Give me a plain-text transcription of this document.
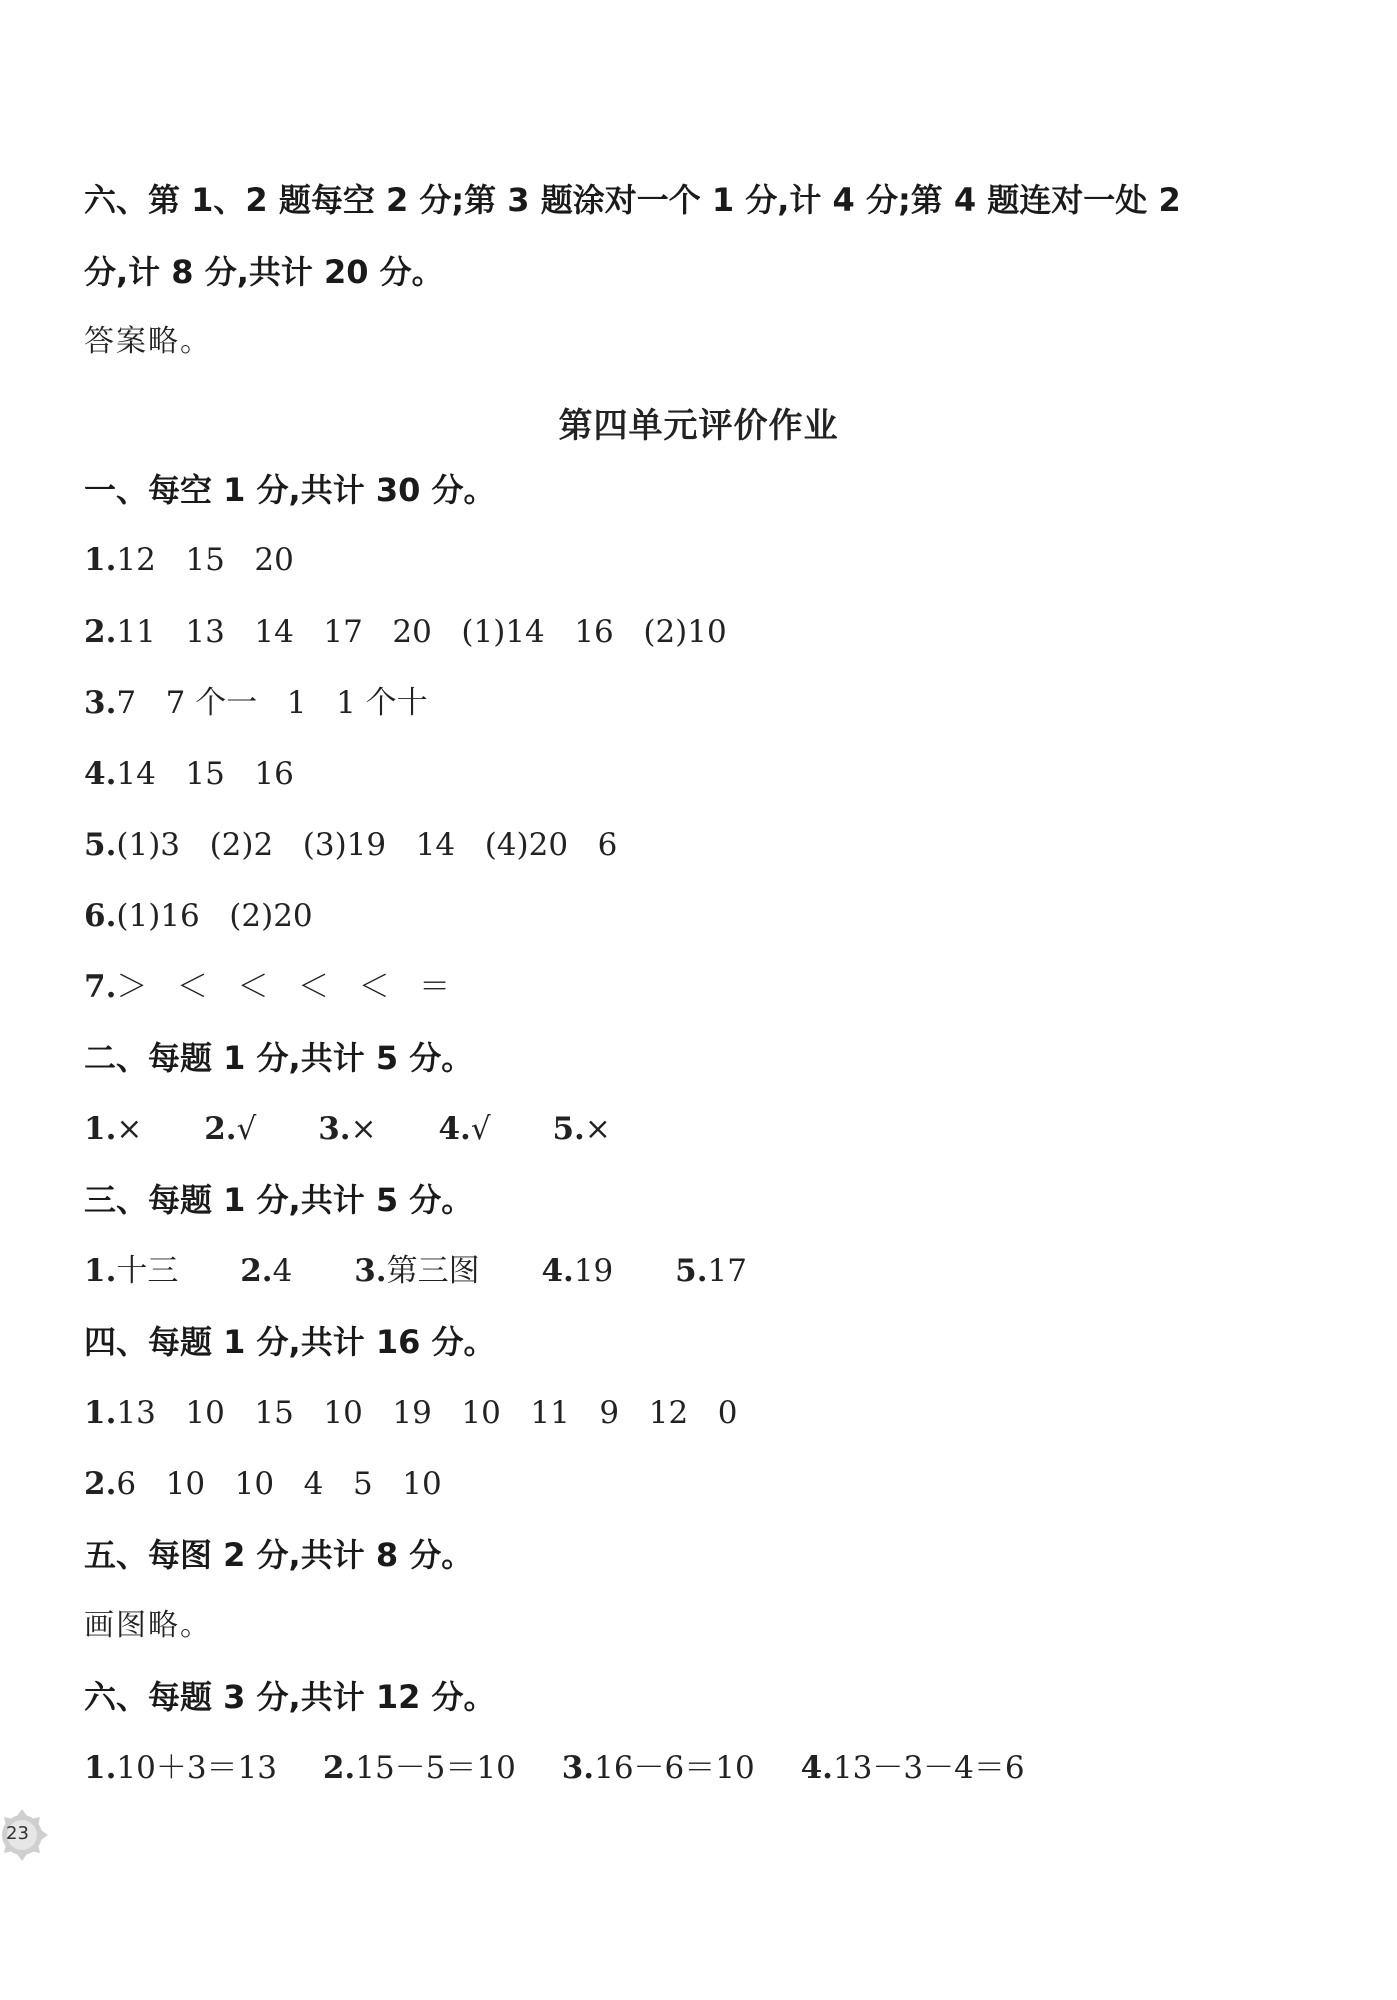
六、第 1、2 题每空 2 分;第 3 题涂对一个 1 分,计 4 分;第 4 题连对一处 2
分,计 8 分,共计 20 分。
答案略。
第四单元评价作业
一、每空 1 分,共计 30 分。
1.12   15   20
2.11   13   14   17   20   (1)14   16   (2)10
3.7   7 个一   1   1 个十
4.14   15   16
5.(1)3   (2)2   (3)19   14   (4)20   6
6.(1)16   (2)20
7.＞   ＜   ＜   ＜   ＜   ＝
二、每题 1 分,共计 5 分。
1.× 2.√ 3.× 4.√ 5.×
三、每题 1 分,共计 5 分。
1.十三 2.4 3.第三图 4.19 5.17
四、每题 1 分,共计 16 分。
1.13   10   15   10   19   10   11   9   12   0
2.6   10   10   4   5   10
五、每图 2 分,共计 8 分。
画图略。
六、每题 3 分,共计 12 分。
1.10＋3＝13 2.15－5＝10 3.16－6＝10 4.13－3－4＝6
23
